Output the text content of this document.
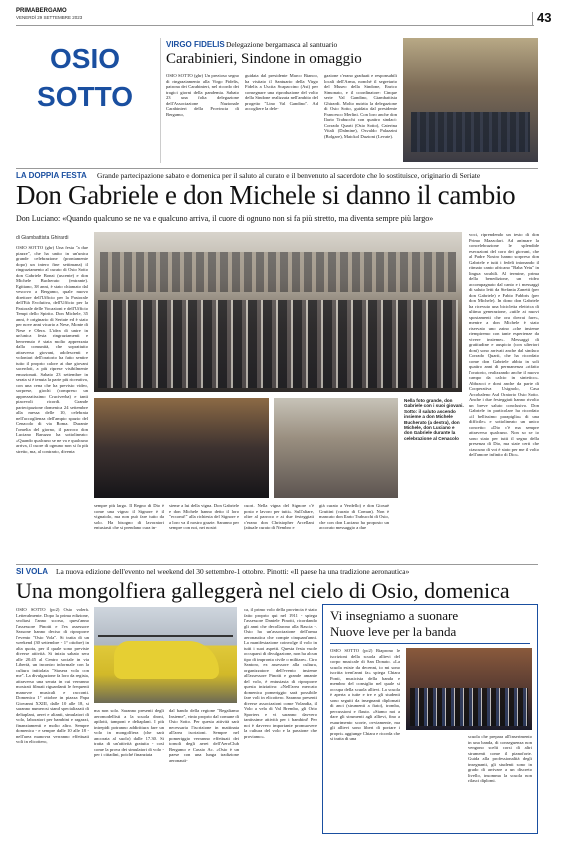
PRIMABERGAMO
VENERDÌ 29 SETTEMBRE 2023	43
OSIO
SOTTO
VIRGO FIDELIS Delegazione bergamasca al santuario
Carabinieri, Sindone in omaggio
OSIO SOTTO (ghr) Un prezioso segno di ringraziamento alla Virgo Fidelis, patrona dei Carabinieri, nel ricordo dei tragici giorni della pandemia. Sabato 23 una folta delegazione dell'Associazione Nazionale Carabinieri della Provincia di Bergamo,
guidata dal presidente Marco Bianco, ha visitato il Santuario della Virgo Fidelis a Uscita Scapaccino (Ast) per consegnare una riproduzione del volto della Sindone realizzata nell'ambito del progetto "Lino Val Gandino". Ad accogliere la dele-
gazione c'erano graduati e responsabili locali dell'Arma, nonché il segretario del Museo della Sindone, Enrico Simonato, e il coordinatore: Cinque serie Val Gandino, Giambattista Ghirardi. Molto nutrita la delegazione di Osio Sotto, guidata dal presidente Francesco Merlini. Con loro anche don Ilario Trabucchi con quattro sindaci: Corrado Quarti (Osio Sotto), Caterina Vitali (Dalmine), Osvaldo Palazzini (Bolgare), Maickol Duzioni (Levate).
LA DOPPIA FESTA Grande partecipazione sabato e domenica per il saluto al curato e il benvenuto al sacerdote che lo sostituisce, originario di Seriate
Don Gabriele e don Michele si danno il cambio
Don Luciano: «Quando qualcuno se ne va e qualcuno arriva, il cuore di ognuno non si fa più stretto, ma diventa sempre più largo»
di Giambattista Ghirardi
OSIO SOTTO (ghr) Una festa "a due piazze", che ha unito in un'unica grande celebrazione (prontamente dopo) un intero fine settimana) il ringraziamento al curato di Osio Sotto don Gabriele Bonzi (uscente) e don Michele Bucherato (entrante). Egittano, 38 anni, è stato chiamato dal vescovo a Bergamo, quale nuovo direttore dell'Ufficio per la Pastorale dell'Età Evolutiva, dell'Ufficio per la Pastorale delle Vocazioni e dell'Ufficio Tempi dello Spirito. Don Michele, 35 anni, è originario di Seriate ed è stato per nove anni vicario a Nese, Monte di Nese e Olera. L'idea di unire in un'unica festa ringraziamenti e benvenuto è stata molto apprezzata dalla comunità, che soprattutto attraverso giovani, adolescenti e volontari dell'oratorio ha fatto sentire tutto il proprio calore ai due giovani sacerdoti, a più riprese visibilmente emozionati. Sabato 23 settembre in serata si è tenuta la parte più ricreativa, con una cena che ha previsto video, sorprese, giochi (compreso un apprezzatissimo Cruciverba) e tanti piacevoli ricordi. Grande partecipazione domenica 24 settembre alla messa delle 10, celebrata nell'accoglienza dell'ampio spazio del Cenacolo di via Roma. Durante l'omelia del giorno, il parroco don Luciano Baruzzo ha sottolineato: «Quando qualcuno se ne va e qualcuno arriva, il cuore di ognuno non si fa più stretto, ma, al contrario, diventa
Nella foto grande, don Gabriele con i suoi giovani. Sotto: il saluto ascendo insieme a don Michele Bucherato (a destra), don Michele, don Luciano e don Gabriele durante la celebrazione al Cenacolo
sempre più largo. Il Regno di Dio è come una vigna: il Signore è il vignaiolo, ma non può fare tutto da solo. Ha bisogno di lavoratori entusiasti che si prendano cura in-
sieme a lui della vigna. Don Gabriele e don Michele hanno detto il loro "eccomi!" alla richiesta del Signore e a loro va il nostro grazie. Saranno per sempre con noi, nei nostri
cuori. Nella vigna del Signore c'è posto e lavoro per tutti». Sull'altare, oltre al parroco e ai due festeggiati c'erano don Christopher Arcellani (attuale curato di Nembro e
già curato a Verdello) e don Giosuè Gruttini (curato di Comun). Non è mancato don Ilario Trabucchi di Osio, che con don Luciano ha proposto un accorato messaggio a due
voci, riprendendo un testo di don Primo Mazzolari. Ad animare la concelebrazione le splendide esecuzioni del coro dei giovani, che al Padre Nostro hanno sorpreso don Gabriele e tutti i fedeli intonando il ritmato canto africano "Baba Yetu" in lingua swahili. Al termine, prima della benedizione, un video accompagnato dal canto e i messaggi di saluto letti da Stefania Zanetti (per don Gabriele) e Fabio Fabbris (per don Michele). In dono don Gabriele ha ricevuto una bicicletta elettrica di ultima generazione, «utile ai nuovi spostamenti che ora dovrai fare», mentre a don Michele è stato riservato uno zaino «che insieme riempiremo con tante esperienze da vivere insieme». Messaggi di gratitudine e auspicio (con ulteriori doni) sono arrivati anche dal sindaco Corrado Quarti, che ha ricordato come don Gabriele abbia in soli quattro anni di permanenza «rifatto l'oratorio, realizzando anche il nuovo campo da calcio in sintetico». Abbracci e doni anche da parte di Cooperativa Usignolo, Casa Arcobaleno Asd Oratorio Osio Sotto. Anche i due festeggiati hanno rivolto un breve saluto conclusivo. Don Gabriele in particolare ha ricordato «il bellissimo parapiglia» di una difficile» e sottolineato un unico concetto: «Dio c'è ma sempre attraverso qualcuno. Non so se io sono stato per tutti il segno della presenza di Dio, ma siate certi che ciascuno di voi è stato per me il volto dell'amore infinito di Dio».
SI VOLA La nuova edizione dell'evento nel weekend del 30 settembre-1 ottobre. Pinotti: «Il paese ha una tradizione aeronautica»
Una mongolfiera galleggerà nel cielo di Osio, domenica
OSIO SOTTO (pc2) Osio volerà. Letteralmente. Dopo la prima edizione, svoltasi l'anno scorso, quest'anno l'assessore Pinotti e l'ex assessore Sassone hanno deciso di riproporre l'evento "Osio Vola". Si tratta di un weekend (30 settembre - 1° ottobre) in alta quota, per il quale sono previste diverse attività. Si inizia sabato sera alle 20.45 al Centro sociale in via Libertà, un incontro informale con la cultura intitolata "Stasera vola con me". La divulgazione fa loro da regista, attraverso una serata in cui verranno mostrati filmati riguardanti le frequenti manovre musicali e racconti. Domenica 1° ottobre in piazza Papa Giovanni XXIII, dalle 10 alle 18, si saranno numerosi stand specializzati di deltaplani, aerei e alianti, simulatori di volo, laboratori per bambini e ragazzi, finanziamenti e molto altro. Sempre domenica - e sempre dalle 10 alle 18 - nell'area manovra verranno effettuati voli in elicottero,
ma non solo. Saranno presenti degli aeromodellisti a la scuola droni, apilotti, tamponi e deltaplani. I più intrepidi potranno addirittura fare un volo in mongolfiera (che sarà ancorata al suolo) dalle 17.30. Si tratta di un'attività gratuita - così come la prova dei simulatori di volo - per i cittadini, poiché finanziata
dal bando della regione "Regaliamo Insieme", vinto proprio dal comune di Osio Sotto. Per questa attività sarà necessaria l'iscrizione in mattinata all'area iscrizioni. Sempre nel pomeriggio verranno effettuati dei tornoli degli aerei dell'AeroClub Bergamo e Cassio Ac. «Osio è un paese con una lunga tradizione aeronauti-
ca, il primo volo della provincia è stato fatto proprio qui nel 1911 - spiega l'assessore Daniele Pinotti, ricordando gli anni che decollarono alla Rascia -. Osio ha un'associazione dell'arma aeronautica che compie cinquant'anni. La manifestazione coinvolge il volo in tutti i suoi aspetti. Questa festa vuole occuparsi di divulgazione, non ha alcun tipo di impronta civile o militare». Ciro Santoro, ex assessore alla cultura, organizzatore dell'evento insieme all'assessore Pinotti e grande amante del volo, è entusiasta di riproporre questa iniziativa: «Nell'area mercato domenica pomeriggio sarà possibile fare voli in elicottero. Saranno presenti diverse associazioni come Volandia, il Volo a vela di Val Brembo, gli Orio Sporters e vi saranno davvero tantissime attività per i bambini! Per noi è davvero importante promuovere la cultura del volo e la passione che proviamo».
Vi insegniamo a suonare
Nuove leve per la banda
OSIO SOTTO (pc2) Riaprono le iscrizioni della scuola allievi del corpo musicale di San Donato. «La scuola esiste da decenni, io mi sono iscritta trent'anni fa» spiega Chiara Ponti, musicista della banda e membro del consiglio nel quale si occupa della scuola allievi. La scuola è aperta a tutte e tre e gli studenti sono seguiti da insegnanti diplomati di anci (strumenti a fiato), tromba, percussioni e flauto. «Siamo noi a dare gli strumenti agli allievi, fino a esaurimento scorte, ovviamente, ma gli allievi sono liberi di portare i propri» aggiunge Chiara e ricorda che si tratta di una	scuola che prepara all'inserimento in una banda, di conseguenza non vengono scelti corsi di altri strumenti come il pianoforte. Guida alla professionalità degli insegnanti, gli studenti sono in grado di arrivare a un discreto livello, insomma la scuola non rilasci diplomi.
